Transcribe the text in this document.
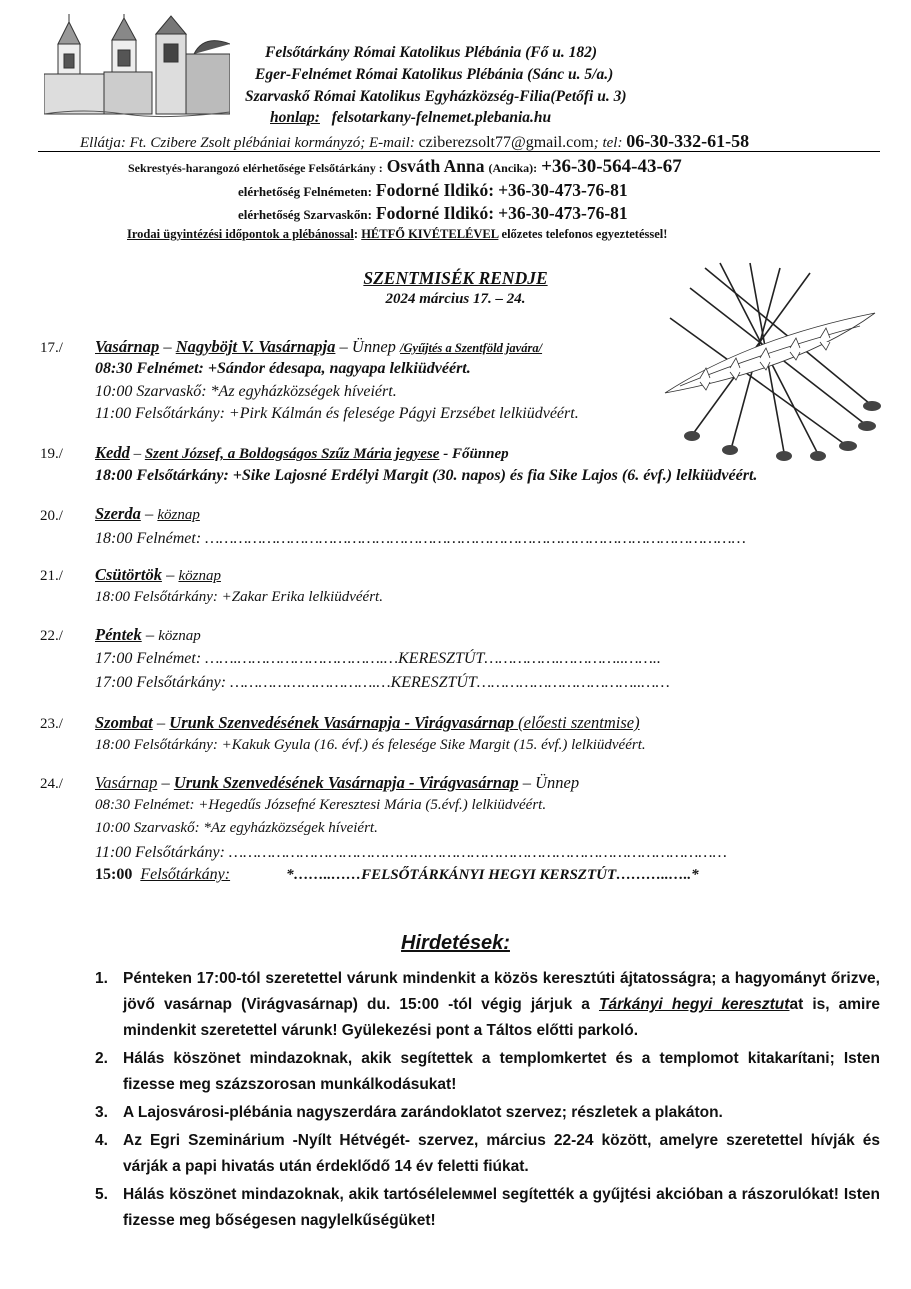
Felsőtárkány Római Katolikus Plébánia (Fő u. 182)
Eger-Felnémet Római Katolikus Plébánia (Sánc u. 5/a.)
Szarvaskő Római Katolikus Egyházközség-Filia(Petőfi u. 3)
honlap: felsotarkany-felnemet.plebania.hu
Ellátja: Ft. Czibere Zsolt plébániai kormányzó; E-mail: cziberezsolt77@gmail.com; tel: 06-30-332-61-58
Sekrestyés-harangozó elérhetősége Felsőtárkány : Osváth Anna (Ancika): +36-30-564-43-67
elérhetőség Felnémeten: Fodorné Ildikó: +36-30-473-76-81
elérhetőség Szarvaskőn: Fodorné Ildikó: +36-30-473-76-81
Irodai ügyintézési időpontok a plébánossal: HÉTFŐ KIVÉTELÉVEL előzetes telefonos egyeztetéssel!
SZENTMISÉK RENDJE
2024 március 17. – 24.
17./ Vasárnap – Nagyböjt V. Vasárnapja – Ünnep /Gyűjtés a Szentföld javára/
08:30 Felnémet: +Sándor édesapa, nagyapa lelkiüdvéért.
10:00 Szarvaskő: *Az egyházközségek híveiért.
11:00 Felsőtárkány: +Pirk Kálmán és felesége Págyi Erzsébet lelkiüdvéért.
19./ Kedd – Szent József, a Boldogságos Szűz Mária jegyese - Főünnep
18:00 Felsőtárkány: +Sike Lajosné Erdélyi Margit (30. napos) és fia Sike Lajos (6. évf.) lelkiüdvéért.
20./ Szerda – köznap
18:00 Felnémet: ……………………………………………………………………………………………………
21./ Csütörtök – köznap
18:00 Felsőtárkány: +Zakar Erika lelkiüdvéért.
22./ Péntek – köznap
17:00 Felnémet: …….………………………….…KERESZTÚT…………….…………..……..
17:00 Felsőtárkány: ………………………….…KERESZTÚT……………………………..……
23./ Szombat – Urunk Szenvedésének Vasárnapja - Virágvasárnap (előesti szentmise)
18:00 Felsőtárkány: +Kakuk Gyula (16. évf.) és felesége Sike Margit (15. évf.) lelkiüdvéért.
24./ Vasárnap – Urunk Szenvedésének Vasárnapja - Virágvasárnap – Ünnep
08:30 Felnémet: +Hegedűs Józsefné Keresztesi Mária (5.évf.) lelkiüdvéért.
10:00 Szarvaskő: *Az egyházközségek híveiért.
11:00 Felsőtárkány: ……………………………………………………………………………………………
15:00 Felsőtárkány:	*……..……FELSŐTÁRKÁNYI HEGYI KERSZTÚT………..…..*
Hirdetések:
1. Pénteken 17:00-tól szeretettel várunk mindenkit a közös keresztúti ájtatosságra; a hagyományt őrizve, jövő vasárnap (Virágvasárnap) du. 15:00 -tól végig járjuk a Tárkányi hegyi keresztutat is, amire mindenkit szeretettel várunk! Gyülekezési pont a Táltos előtti parkoló.
2. Hálás köszönet mindazoknak, akik segítettek a templomkertet és a templomot kitakarítani; Isten fizesse meg százszorosan munkálkodásukat!
3. A Lajosvárosi-plébánia nagyszerdára zarándoklatot szervez; részletek a plakáton.
4. Az Egri Szeminárium -Nyílt Hétvégét- szervez, március 22-24 között, amelyre szeretettel hívják és várják a papi hivatás után érdeklődő 14 év feletti fiúkat.
5. Hálás köszönet mindazoknak, akik tartóséleleммel segítették a gyűjtési akcióban a rászorulókat! Isten fizesse meg bőségesen nagylelkűségüket!
